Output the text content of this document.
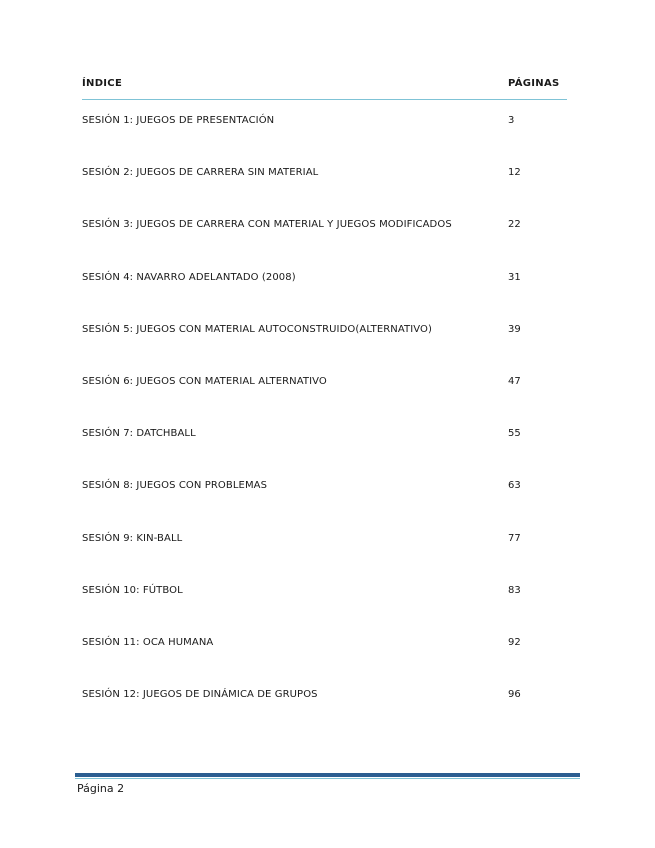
ÍNDICE	PÁGINAS
SESIÓN 1: JUEGOS DE PRESENTACIÓN	3
SESIÓN 2: JUEGOS DE CARRERA SIN MATERIAL	12
SESIÓN 3: JUEGOS DE CARRERA CON MATERIAL Y JUEGOS MODIFICADOS	22
SESIÓN 4: NAVARRO ADELANTADO (2008)	31
SESIÓN 5: JUEGOS CON MATERIAL AUTOCONSTRUIDO(ALTERNATIVO)	39
SESIÓN 6: JUEGOS CON MATERIAL ALTERNATIVO	47
SESIÓN 7: DATCHBALL	55
SESIÓN 8: JUEGOS CON PROBLEMAS	63
SESIÓN 9: KIN-BALL	77
SESIÓN 10: FÚTBOL	83
SESIÓN 11: OCA HUMANA	92
SESIÓN 12: JUEGOS DE DINÁMICA DE GRUPOS	96
Página 2
